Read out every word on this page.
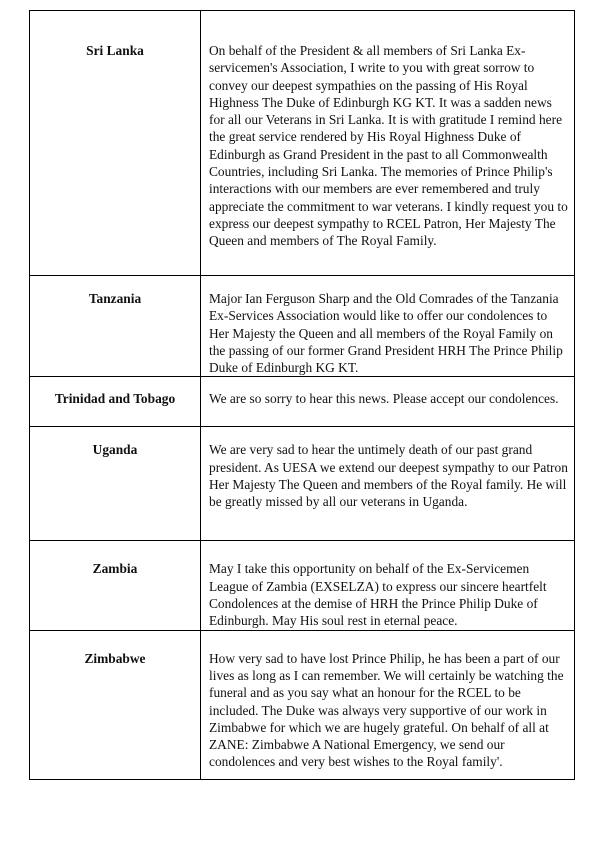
Sri Lanka	On behalf of the President & all members of Sri Lanka Ex-servicemen's Association, I write to you with great sorrow to convey our deepest sympathies on the passing of His Royal Highness The Duke of Edinburgh KG KT. It was a sadden news for all our Veterans in Sri Lanka. It is with gratitude I remind here the great service rendered by His Royal Highness Duke of Edinburgh as Grand President in the past to all Commonwealth Countries, including Sri Lanka. The memories of Prince Philip's interactions with our members are ever remembered and truly appreciate the commitment to war veterans. I kindly request you to express our deepest sympathy to RCEL Patron, Her Majesty The Queen and members of The Royal Family.
Tanzania	Major Ian Ferguson Sharp and the Old Comrades of the Tanzania Ex-Services Association would like to offer our condolences to Her Majesty the Queen and all members of the Royal Family on the passing of our former Grand President HRH The Prince Philip Duke of Edinburgh KG KT.
Trinidad and Tobago	We are so sorry to hear this news. Please accept our condolences.
Uganda	We are very sad to hear the untimely death of our past grand president. As UESA we extend our deepest sympathy to our Patron Her Majesty The Queen and members of the Royal family. He will be greatly missed by all our veterans in Uganda.
Zambia	May I take this opportunity on behalf of the Ex-Servicemen League of Zambia (EXSELZA) to express our sincere heartfelt Condolences at the demise of HRH the Prince Philip Duke of Edinburgh. May His soul rest in eternal peace.
Zimbabwe	How very sad to have lost Prince Philip, he has been a part of our lives as long as I can remember. We will certainly be watching the funeral and as you say what an honour for the RCEL to be included. The Duke was always very supportive of our work in Zimbabwe for which we are hugely grateful. On behalf of all at ZANE: Zimbabwe A National Emergency, we send our condolences and very best wishes to the Royal family'.
